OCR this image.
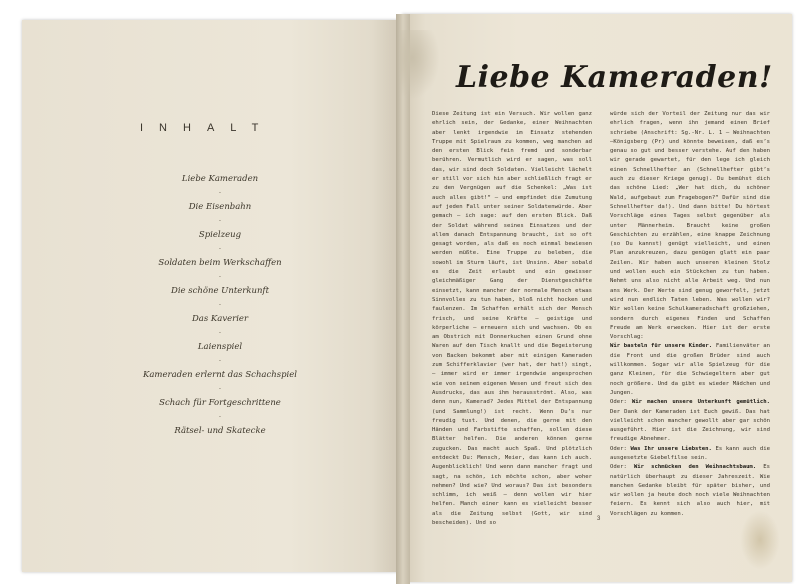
INHALT
Liebe Kameraden
·
Die Eisenbahn
·
Spielzeug
·
Soldaten beim Werkschaffen
·
Die schöne Unterkunft
·
Das Kaverier
·
Laienspiel
·
Kameraden erlernt das Schachspiel
·
Schach für Fortgeschrittene
·
Rätsel- und Skatecke
Liebe Kameraden!

Diese Zeitung ist ein Versuch. Wir wollen ganz ehrlich sein, der Gedanke, einer Weihnachten aber lenkt irgendwie im Einsatz stehenden Truppe mit Spielraum zu kommen, weg manchen ad den ersten Blick fein fremd und sonderbar berühren. Vermutlich wird er sagen, was soll das, wir sind doch Soldaten. Vielleicht lächelt er still vor sich hin aber schließlich fragt er zu den Vergnügen auf die Schenkel: „Was ist auch alles gibt!“ — und empfindet die Zumutung auf jeden Fall unter seiner Soldatenwürde. Aber gemach — ich sage: auf den ersten Blick. Daß der Soldat während seines Einsatzes und der allem danach Entspannung braucht, ist so oft gesagt worden, als daß es noch einmal bewiesen werden müßte. Eine Truppe zu beleben, die sowohl im Sturm läuft, ist Unsinn. Aber sobald es die Zeit erlaubt und ein gewisser gleichmäßiger Gang der Dienstgeschäfte einsetzt, kann mancher der normale Mensch etwas Sinnvolles zu tun haben, bloß nicht hocken und faulenzen. Im Schaffen erhält sich der Mensch frisch, und seine Kräfte — geistige und körperliche — erneuern sich und wachsen. Ob es am Obstrich mit Donnerkuchen einen Grund ohne Waren auf den Tisch knallt und die Begeisterung von Backen bekommt aber mit einigen Kameraden zum Schifferklavier (wer hat, der hat!) singt, — immer wird er immer irgendwie angesprochen wie von seinem eigenen Wesen und freut sich des Ausdrucks, das aus ihm herausströmt. Also, was denn nun, Kamerad? Jedes Mittel der Entspannung (und Sammlung!) ist recht. Wenn Du’s nur freudig tust. Und denen, die gerne mit den Händen und Farbstifte schaffen, sollen diese Blätter helfen. Die anderen können gerne zugucken. Das macht auch Spaß. Und plötzlich entdeckt Du: Mensch, Meier, das kann ich auch. Augenblicklich! Und wenn dann mancher fragt und sagt, na schön, ich möchte schon, aber woher nehmen? Und wie? Und woraus? Das ist besonders schlimm, ich weiß — denn wollen wir hier helfen. Manch einer kann es vielleicht besser als die Zeitung selbst (Gott, wir sind bescheiden). Und so

würde sich der Vorteil der Zeitung nur das wir ehrlich fragen, wenn ihn jemand einen Brief schriebe (Anschrift: Sg.-Nr. L. 1 — Weihnachten—Königsberg (Pr) und könnte beweisen, daß es’s genau so gut und besser verstehe. Auf den haben wir gerade gewartet, für den lege ich gleich einen Schnellhefter an (Schnellhefter gibt’s auch zu dieser Kriege genug). Du bemühst dich das schöne Lied: „Wer hat dich, du schöner Wald, aufgebaut zum Fragebogen?“ Dafür sind die Schnellhefter da!). Und dann bitte! Du hörtest Vorschläge eines Tages selbst gegenüber als unter Männerheim. Braucht keine großen Geschichten zu erzählen, eine knappe Zeichnung (so Du kannst) genügt vielleicht, und einen Plan anzukreuzen, dazu genügen glatt ein paar Zeilen. Wir haben auch unseren kleinen Stolz und wollen euch ein Stückchen zu tun haben. Nehmt uns also nicht alle Arbeit weg. Und nun ans Werk. Der Werte sind genug geworfelt, jetzt wird nun endlich Taten leben. Was wollen wir? Wir wollen keine Schulkameradschaft großziehen, sondern durch eigenes Finden und Schaffen Freude am Werk erwecken. Hier ist der erste Vorschlag:

Wir basteln für unsere Kinder. Familienväter an die Front und die großen Brüder sind auch willkommen. Sogar wir alle Spielzeug für die ganz Kleinen, für die Schwiegeltern aber gut noch größere. Und da gibt es wieder Mädchen und Jungen.

Oder: Wir machen unsere Unterkunft gemütlich. Der Dank der Kameraden ist Euch gewiß. Das hat vielleicht schon mancher gewollt aber gar schön ausgeführt. Hier ist die Zeichnung, wir sind freudige Abnehmer.

Oder: Was Ihr unsere Liebsten. Es kann auch die ausgesetzte Giebelfilse sein.

Oder: Wir schmücken den Weihnachtsbaum. Es natürlich überhaupt zu dieser Jahreszeit. Wie manchen Gedanke bleibt für später bisher, und wir wollen ja heute doch noch viele Weihnachten feiern. Es kennt sich also auch hier, mit Vorschlägen zu kommen.

3
